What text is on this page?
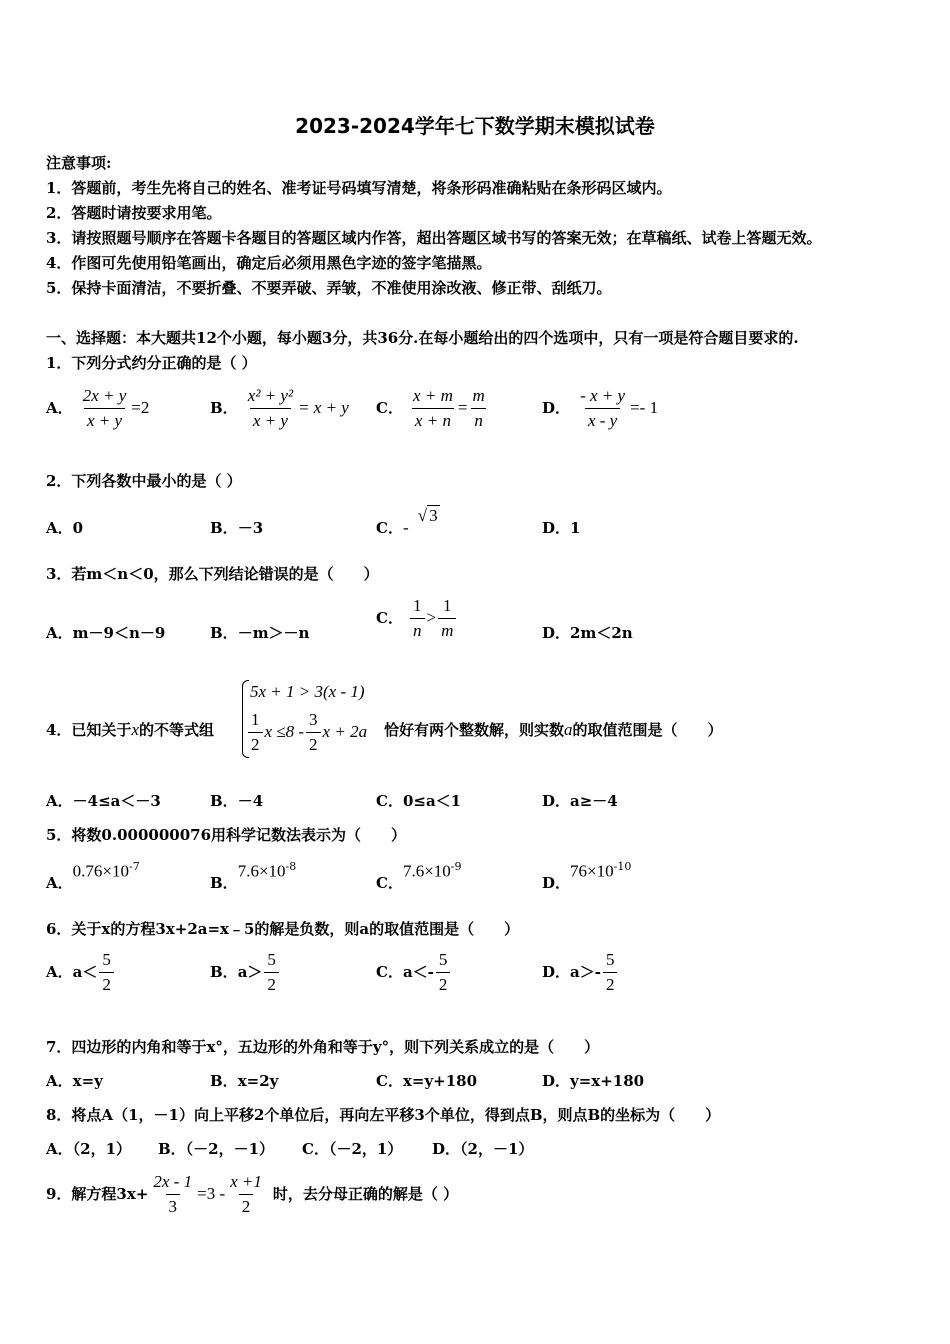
2023-2024学年七下数学期末模拟试卷
注意事项:
1．答题前，考生先将自己的姓名、准考证号码填写清楚，将条形码准确粘贴在条形码区域内。
2．答题时请按要求用笔。
3．请按照题号顺序在答题卡各题目的答题区域内作答，超出答题区域书写的答案无效；在草稿纸、试卷上答题无效。
4．作图可先使用铅笔画出，确定后必须用黑色字迹的签字笔描黑。
5．保持卡面清洁，不要折叠、不要弄破、弄皱，不准使用涂改液、修正带、刮纸刀。
一、选择题：本大题共12个小题，每小题3分，共36分.在每小题给出的四个选项中，只有一项是符合题目要求的.
1．下列分式约分正确的是（ ）
A． $\frac{2x + y}{x + y} =2$	B． $\frac{\text{x² + y²}}{x + y} = x + y$ C． $\frac{x + m}{x + n} = \frac{m}{n}$	D． $\frac{- x + y}{x - y} =- 1$
2．下列各数中最小的是（ ）
A．0	B．－3	C．- √ 3
D．1
3．若m＜n＜0，那么下列结论错误的是（　　）
A．m－9＜n－9	B．－m＞－n
C． $\frac{1}{n} > \frac{1}{m}$	D．2m＜2n
4．已知关于x的不等式组
5x + 1 > 3(x - 1)
$\frac{1}{2}$ $x \le 8 - \frac{3}{2}$ x + 2a 恰好有两个整数解，则实数a的取值范围是（　　）
A．－4≤a＜－3	B．－4	C．0≤a＜1	D．a≥－4
5．将数0.000000076用科学记数法表示为（　　）
A．$0.76\times 10^{-7}$
B．$7.6\times 10^{-8}$
C．$7.6\times 10^{-9}$
D．$76\times 10^{-10}$
6．关于x的方程3x+2a=x﹣5的解是负数，则a的取值范围是（　　）
A．$a< \frac{5}{2}$	B．$a> \frac{5}{2}$	C．$a<- \frac{5}{2}$	D．$a>- \frac{5}{2}$
7．四边形的内角和等于x°，五边形的外角和等于y°，则下列关系成立的是（　　）
A．x=y	B．x=2y	C．x=y+180	D．y=x+180
8．将点A（1，－1）向上平移2个单位后，再向左平移3个单位，得到点B，则点B的坐标为（　　）
A．（2，1） B．（－2，－1） C．（－2，1） D．（2，－1）
9．解方程$3x+ \frac{2x - 1}{3} =3 - \frac{x +1}{2}$ 时，去分母正确的解是（ ）
